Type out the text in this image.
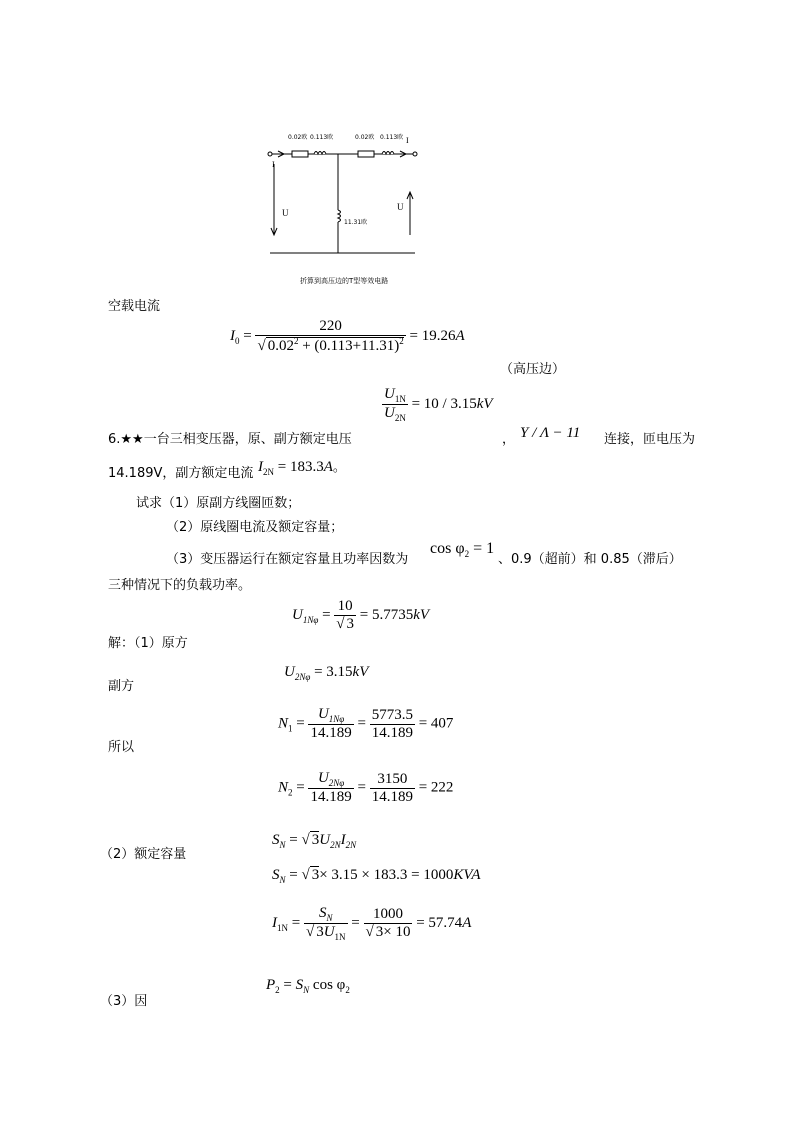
0.02欧 0.113欧	0.02欧 0.113欧
I
I
U
U
11.31欧
折算到高压边的T型等效电路
空载电流
$I_0 = \frac{220}{√ 0.02^2 + (0.113+11.31)^2} = 19.26A$
（高压边）
$\frac{U_{1N}}{U_{2N}} = 10 / 3.15kV$
6.★★一台三相变压器，原、副方额定电压	， Y / Λ − 11 连接，匝电压为
14.189V，副方额定电流 $I_{2N} = 183.3A$。
试求（1）原副方线圈匝数；
（2）原线圈电流及额定容量；
（3）变压器运行在额定容量且功率因数为
$\cos \varphi_2 = 1$
、0.9（超前）和 0.85（滞后）
三种情况下的负载功率。
解：（1）原方
$U_{1N\varphi} = \frac{10}{√ 3} = 5.7735kV$
副方
$U_{2N\varphi} = 3.15kV$
所以
$N_1 = \frac{U_{1N\varphi}}{14.189} = \frac{5773.5}{14.189} = 407$
$N_2 = \frac{U_{2N\varphi}}{14.189} = \frac{3150}{14.189} = 222$
（2）额定容量
$S_N$ = √ $3U_{2N}I_{2N}$
$S_N$ = √ 3× 3.15 × 183.3 = 1000KVA
$I_{1N} = \frac{S_N}{√ 3U_{1N}} = \frac{1000}{√ 3\times 10} = 57.74A$
（3）因
$P_2 = S_N$ $\cos \varphi_2$
